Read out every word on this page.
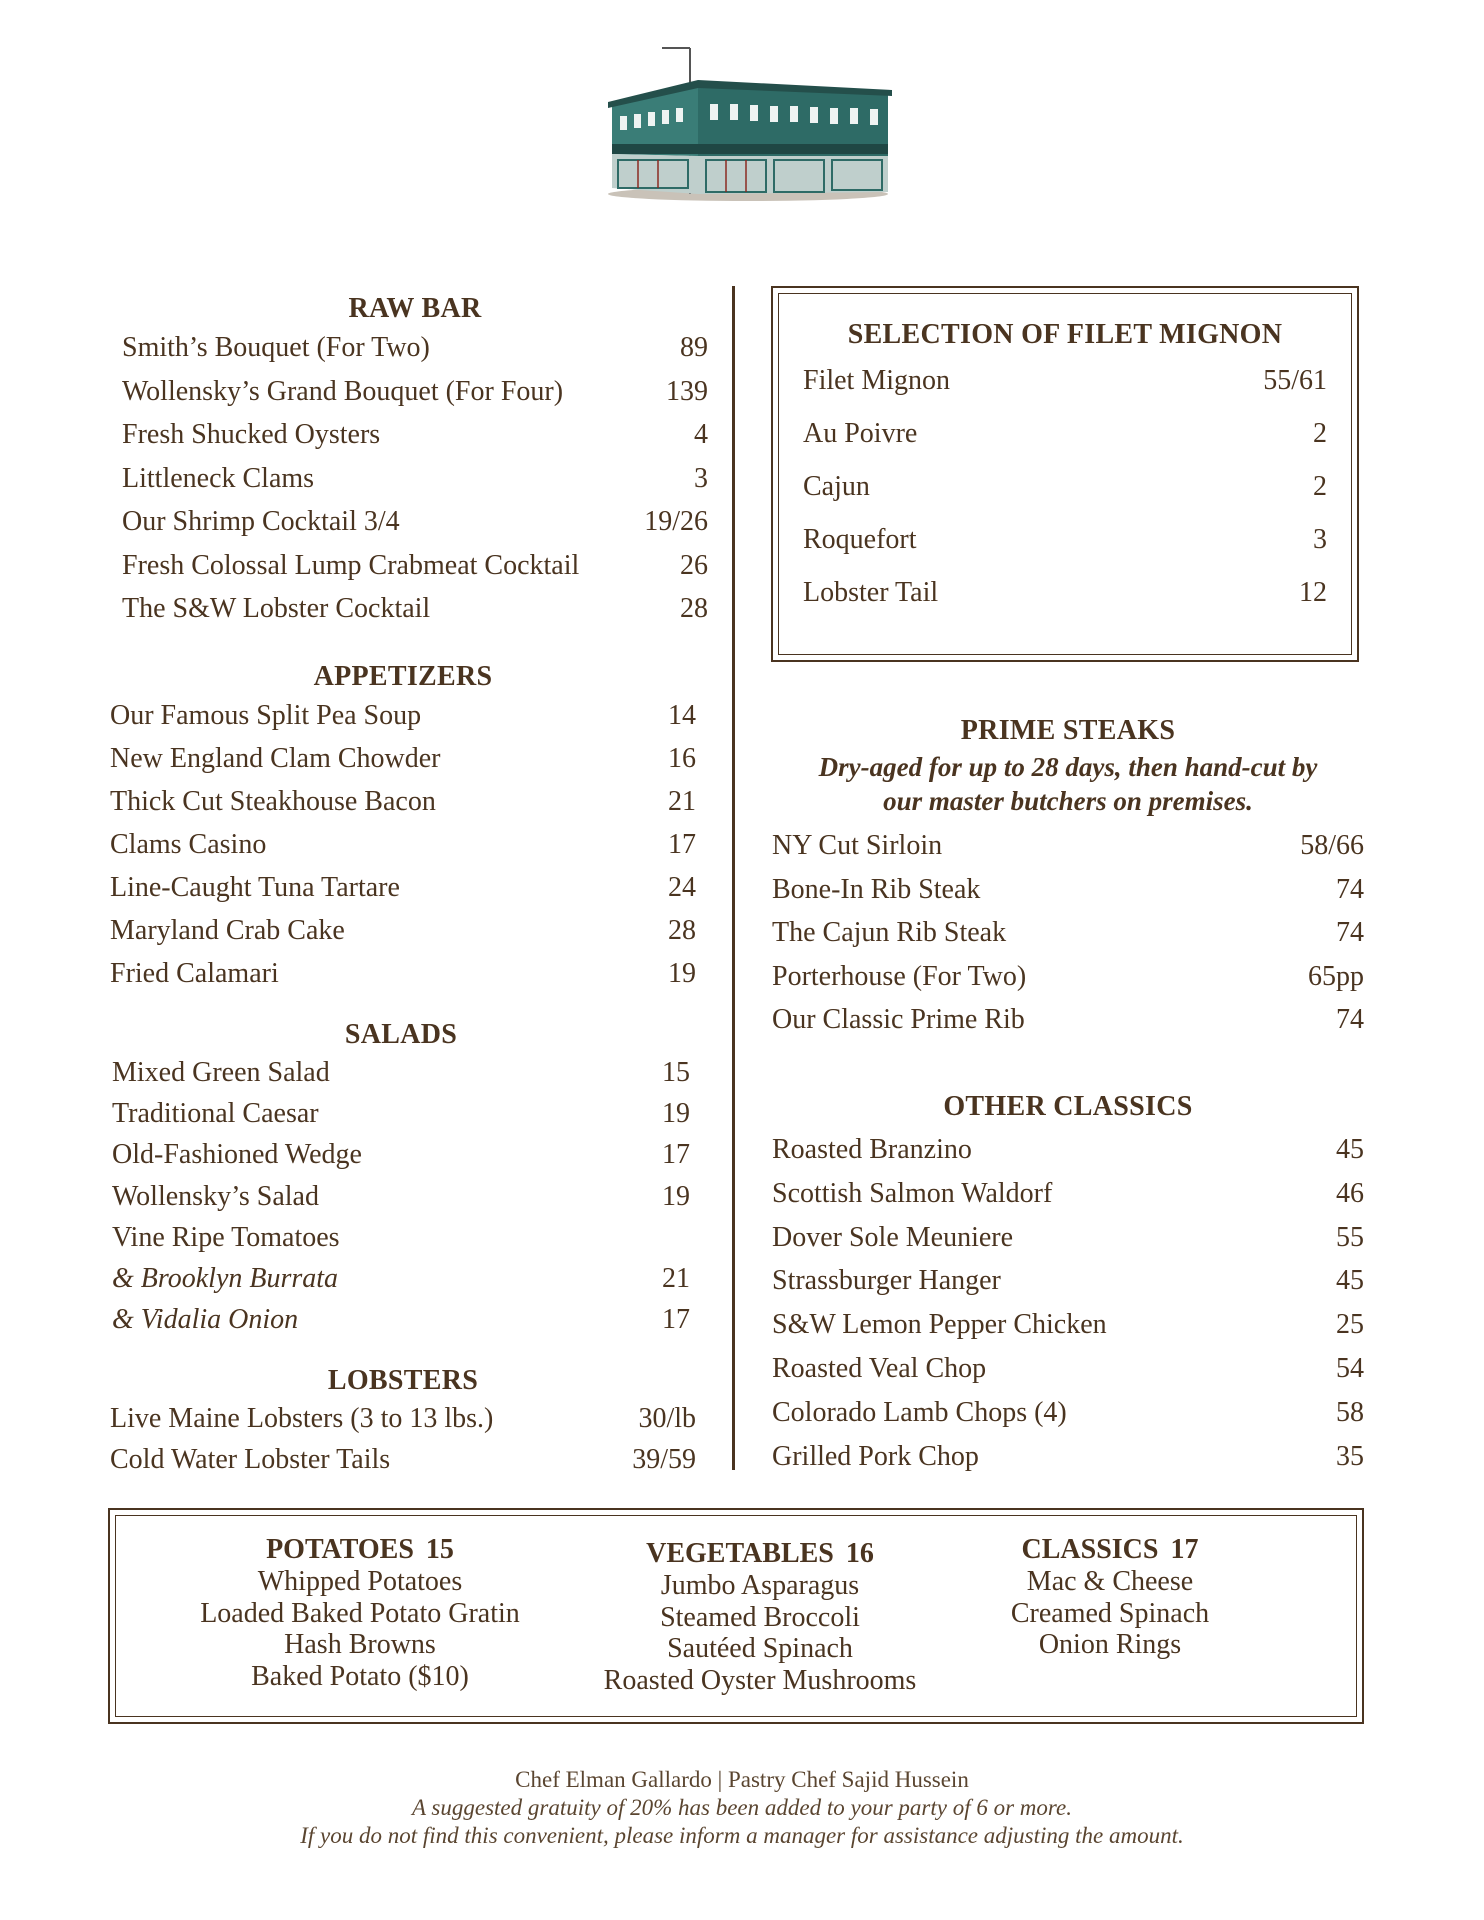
RAW BAR
Smith’s Bouquet (For Two)	89
Wollensky’s Grand Bouquet (For Four)	139
Fresh Shucked Oysters	4
Littleneck Clams	3
Our Shrimp Cocktail 3/4	19/26
Fresh Colossal Lump Crabmeat Cocktail	26
The S&W Lobster Cocktail	28
APPETIZERS
Our Famous Split Pea Soup	14
New England Clam Chowder	16
Thick Cut Steakhouse Bacon	21
Clams Casino	17
Line-Caught Tuna Tartare	24
Maryland Crab Cake	28
Fried Calamari	19
SALADS
Mixed Green Salad	15
Traditional Caesar	19
Old-Fashioned Wedge	17
Wollensky’s Salad	19
Vine Ripe Tomatoes
& Brooklyn Burrata	21
& Vidalia Onion	17
LOBSTERS
Live Maine Lobsters (3 to 13 lbs.)	30/lb
Cold Water Lobster Tails	39/59
SELECTION OF FILET MIGNON
Filet Mignon	55/61
Au Poivre	2
Cajun	2
Roquefort	3
Lobster Tail	12
PRIME STEAKS
Dry-aged for up to 28 days, then hand-cut by
our master butchers on premises.
NY Cut Sirloin	58/66
Bone-In Rib Steak	74
The Cajun Rib Steak	74
Porterhouse (For Two)	65pp
Our Classic Prime Rib	74
OTHER CLASSICS
Roasted Branzino	45
Scottish Salmon Waldorf	46
Dover Sole Meuniere	55
Strassburger Hanger	45
S&W Lemon Pepper Chicken	25
Roasted Veal Chop	54
Colorado Lamb Chops (4)	58
Grilled Pork Chop	35
POTATOES 15
Whipped Potatoes
Loaded Baked Potato Gratin
Hash Browns
Baked Potato ($10)
VEGETABLES 16
Jumbo Asparagus
Steamed Broccoli
Sautéed Spinach
Roasted Oyster Mushrooms
CLASSICS 17
Mac & Cheese
Creamed Spinach
Onion Rings
Chef Elman Gallardo | Pastry Chef Sajid Hussein
A suggested gratuity of 20% has been added to your party of 6 or more.
If you do not find this convenient, please inform a manager for assistance adjusting the amount.
